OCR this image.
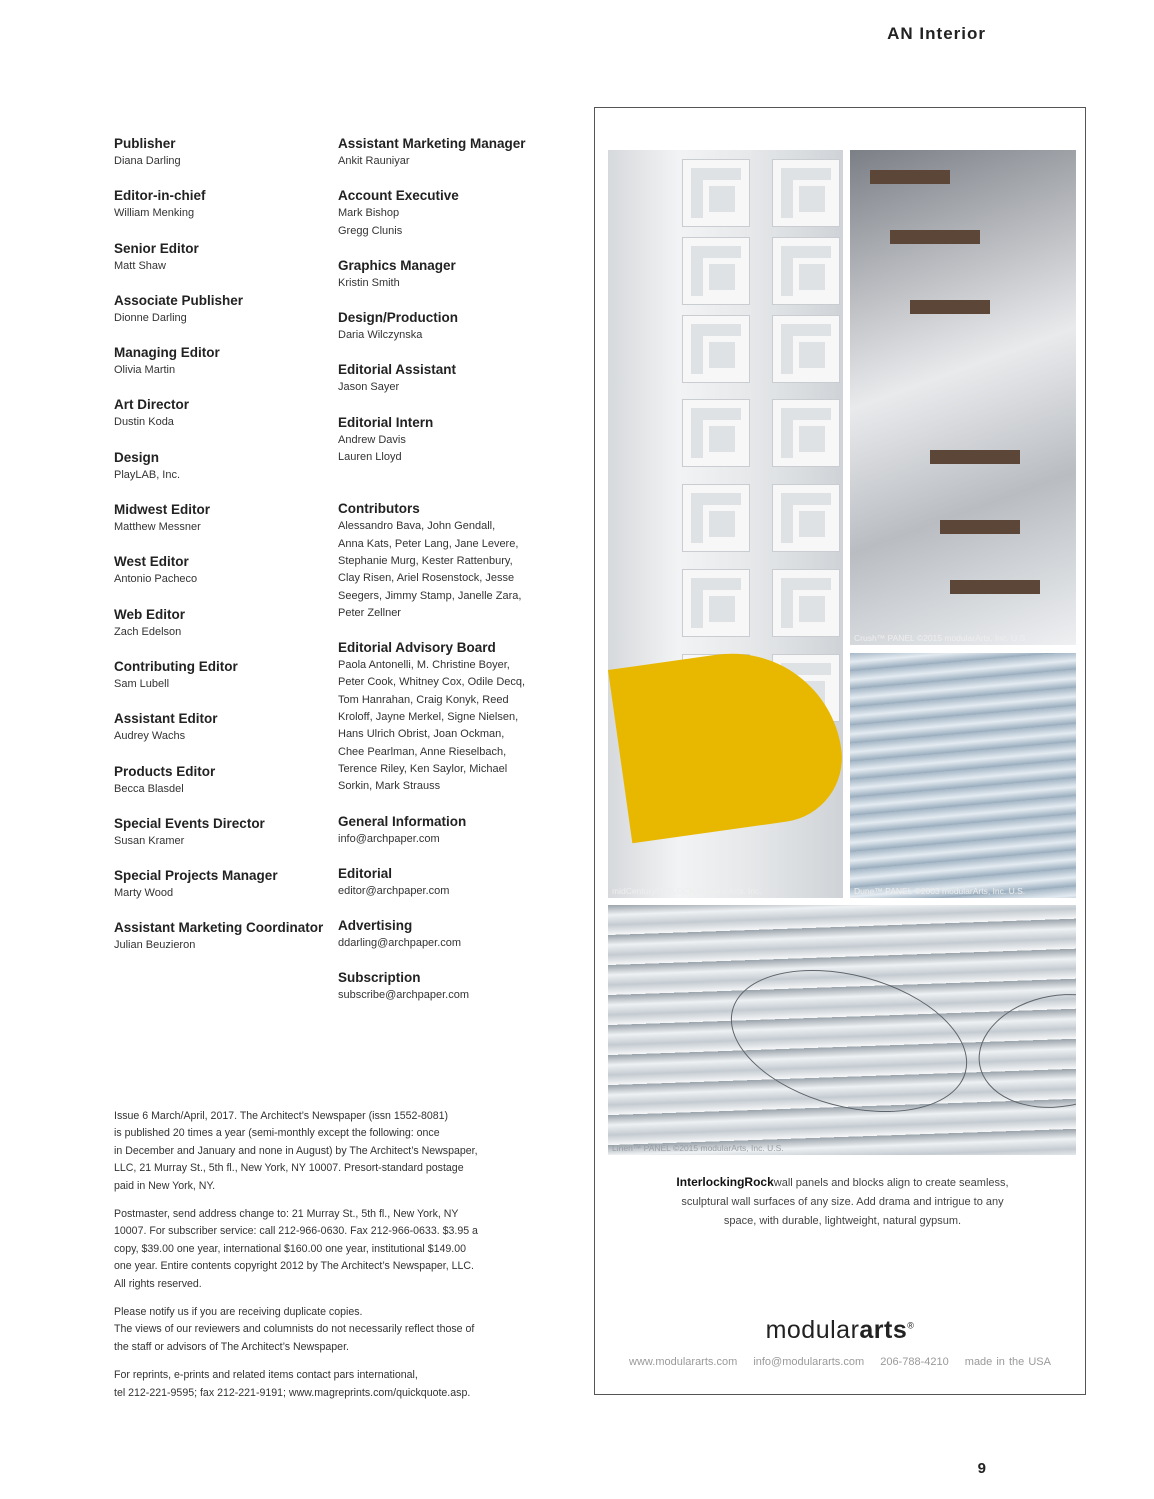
AN Interior
Publisher
Diana Darling
Editor-in-chief
William Menking
Senior Editor
Matt Shaw
Associate Publisher
Dionne Darling
Managing Editor
Olivia Martin
Art Director
Dustin Koda
Design
PlayLAB, Inc.
Midwest Editor
Matthew Messner
West Editor
Antonio Pacheco
Web Editor
Zach Edelson
Contributing Editor
Sam Lubell
Assistant Editor
Audrey Wachs
Products Editor
Becca Blasdel
Special Events Director
Susan Kramer
Special Projects Manager
Marty Wood
Assistant Marketing Coordinator
Julian Beuzieron
Assistant Marketing Manager
Ankit Rauniyar
Account Executive
Mark Bishop
Gregg Clunis
Graphics Manager
Kristin Smith
Design/Production
Daria Wilczynska
Editorial Assistant
Jason Sayer
Editorial Intern
Andrew Davis
Lauren Lloyd
Contributors
Alessandro Bava, John Gendall,
Anna Kats, Peter Lang, Jane Levere,
Stephanie Murg, Kester Rattenbury,
Clay Risen, Ariel Rosenstock, Jesse
Seegers, Jimmy Stamp, Janelle Zara,
Peter Zellner
Editorial Advisory Board
Paola Antonelli, M. Christine Boyer,
Peter Cook, Whitney Cox, Odile Decq,
Tom Hanrahan, Craig Konyk, Reed
Kroloff, Jayne Merkel, Signe Nielsen,
Hans Ulrich Obrist, Joan Ockman,
Chee Pearlman, Anne Rieselbach,
Terence Riley, Ken Saylor, Michael
Sorkin, Mark Strauss
General Information
info@archpaper.com
Editorial
editor@archpaper.com
Advertising
ddarling@archpaper.com
Subscription
subscribe@archpaper.com

Issue 6 March/April, 2017. The Architect’s Newspaper (issn 1552-8081)
is published 20 times a year (semi-monthly except the following: once
in December and January and none in August) by The Architect’s Newspaper,
LLC, 21 Murray St., 5th fl., New York, NY 10007. Presort-standard postage
paid in New York, NY.

Postmaster, send address change to: 21 Murray St., 5th fl., New York, NY
10007. For subscriber service: call 212-966-0630. Fax 212-966-0633. $3.95 a
copy, $39.00 one year, international $160.00 one year, institutional $149.00
one year. Entire contents copyright 2012 by The Architect’s Newspaper, LLC.
All rights reserved.

Please notify us if you are receiving duplicate copies.
The views of our reviewers and columnists do not necessarily reflect those of
the staff or advisors of The Architect’s Newspaper.

For reprints, e-prints and related items contact pars international,
tel 212-221-9595; fax 212-221-9191; www.magreprints.com/quickquote.asp.

midCentury™ BLOCK modularArts, Inc.
Crush™ PANEL ©2015 modularArts, Inc. U.S.
Dune™ PANEL ©2003 modularArts, Inc. U.S.
Linen™ PANEL ©2015 modularArts, Inc. U.S.
InterlockingRockwall panels and blocks align to create seamless,
sculptural wall surfaces of any size. Add drama and intrigue to any
space, with durable, lightweight, natural gypsum.
modulararts®
www.modulararts.com info@modulararts.com 206-788-4210 made in the USA
9
